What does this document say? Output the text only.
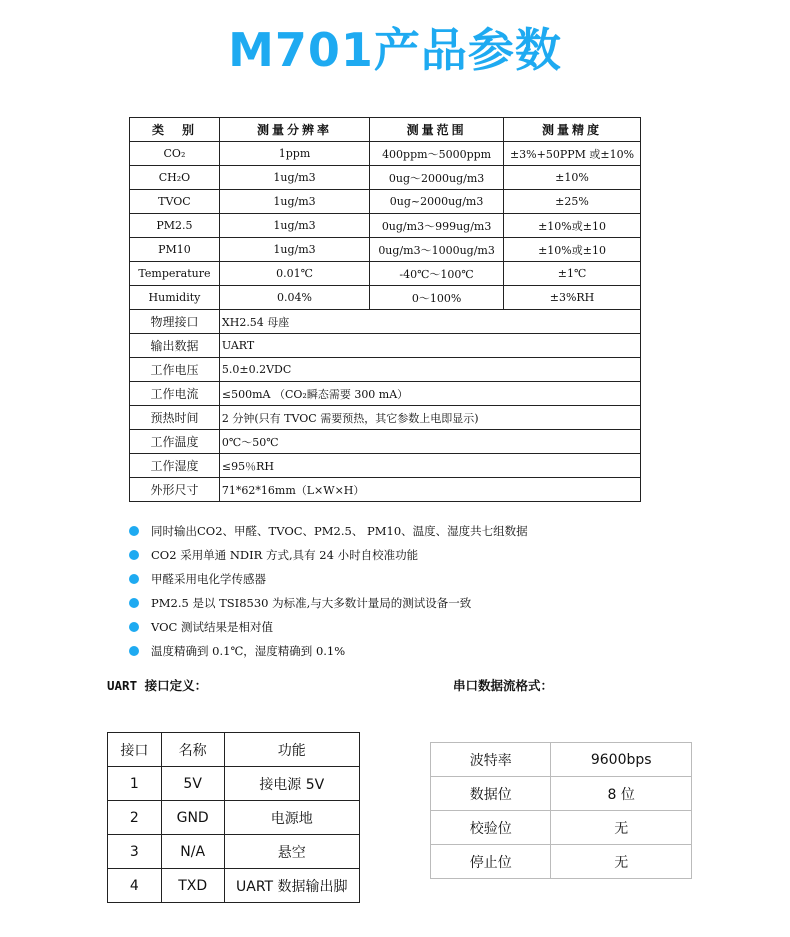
M701产品参数
类　别	测量分辨率	测量范围	测量精度
CO₂	1ppm	400ppm～5000ppm	±3%+50PPM 或±10%
CH₂O	1ug/m3	0ug～2000ug/m3	±10%
TVOC	1ug/m3	0ug~2000ug/m3	±25%
PM2.5	1ug/m3	0ug/m3～999ug/m3	±10%或±10
PM10	1ug/m3	0ug/m3～1000ug/m3	±10%或±10
Temperature	0.01℃	-40℃～100℃	±1℃
Humidity	0.04%	0～100%	±3%RH
物理接口	XH2.54 母座		
输出数据	UART		
工作电压	5.0±0.2VDC		
工作电流	≤500mA （CO₂瞬态需要 300 mA）		
预热时间	2 分钟(只有 TVOC 需要预热，其它参数上电即显示)		
工作温度	0℃～50℃		
工作湿度	≤95％RH		
外形尺寸	71*62*16mm（L×W×H）		
同时输出CO2、甲醛、TVOC、PM2.5、 PM10、温度、湿度共七组数据
CO2 采用单通 NDIR 方式,具有 24 小时自校准功能
甲醛采用电化学传感器
PM2.5 是以 TSI8530 为标准,与大多数计量局的测试设备一致
VOC 测试结果是相对值
温度精确到 0.1℃，湿度精确到 0.1%
UART 接口定义：	串口数据流格式：
接口	名称	功能
1	5V	接电源 5V
2	GND	电源地
3	N/A	悬空
4	TXD	UART 数据输出脚
波特率	9600bps
数据位	8 位
校验位	无
停止位	无
